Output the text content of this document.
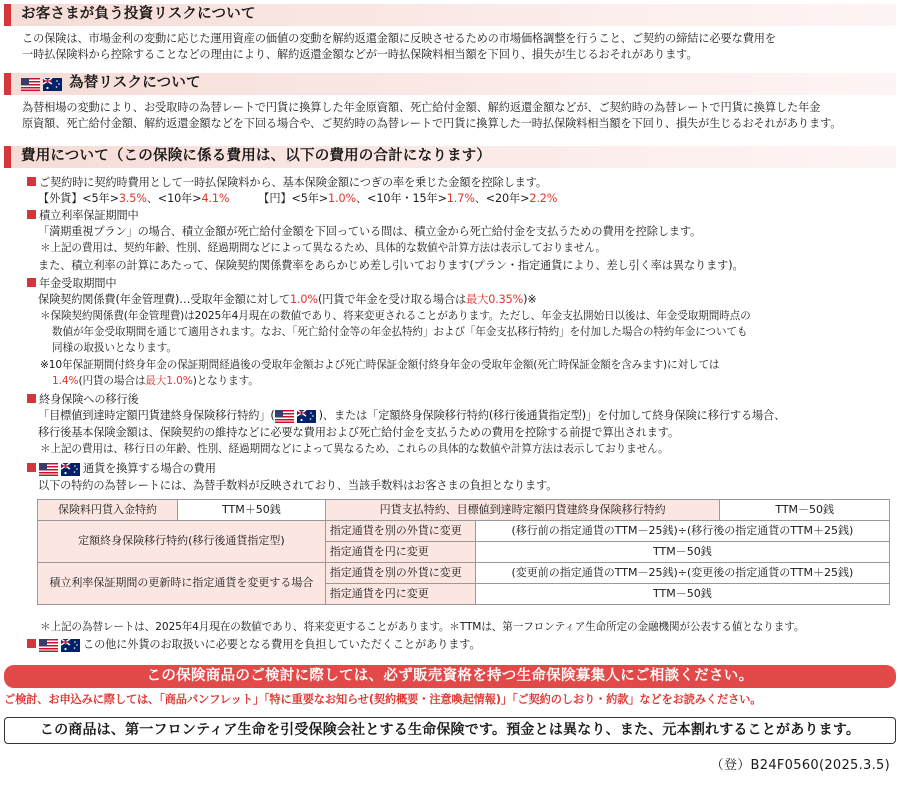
お客さまが負う投資リスクについて
この保険は、市場金利の変動に応じた運用資産の価値の変動を解約返還金額に反映させるための市場価格調整を行うこと、ご契約の締結に必要な費用を
一時払保険料から控除することなどの理由により、解約返還金額などが一時払保険料相当額を下回り、損失が生じるおそれがあります。
為替リスクについて
為替相場の変動により、お受取時の為替レートで円貨に換算した年金原資額、死亡給付金額、解約返還金額などが、ご契約時の為替レートで円貨に換算した年金
原資額、死亡給付金額、解約返還金額などを下回る場合や、ご契約時の為替レートで円貨に換算した一時払保険料相当額を下回り、損失が生じるおそれがあります。
費用について（この保険に係る費用は、以下の費用の合計になります）
ご契約時に契約時費用として一時払保険料から、基本保険金額につぎの率を乗じた金額を控除します。
【外貨】<5年>3.5%、<10年>4.1%	【円】<5年>1.0%、<10年・15年>1.7%、<20年>2.2%
積立利率保証期間中
「満期重視プラン」の場合、積立金額が死亡給付金額を下回っている間は、積立金から死亡給付金を支払うための費用を控除します。
＊上記の費用は、契約年齢、性別、経過期間などによって異なるため、具体的な数値や計算方法は表示しておりません。
また、積立利率の計算にあたって、保険契約関係費率をあらかじめ差し引いております(プラン・指定通貨により、差し引く率は異なります)。
年金受取期間中
保険契約関係費(年金管理費)…受取年金額に対して1.0%(円貨で年金を受け取る場合は最大0.35%)※
＊保険契約関係費(年金管理費)は2025年4月現在の数値であり、将来変更されることがあります。ただし、年金支払開始日以後は、年金受取期間時点の
数値が年金受取期間を通じて適用されます。なお、「死亡給付金等の年金払特約」および「年金支払移行特約」を付加した場合の特約年金についても
同様の取扱いとなります。
※10年保証期間付終身年金の保証期間経過後の受取年金額および死亡時保証金額付終身年金の受取年金額(死亡時保証金額を含みます)に対しては
1.4%(円貨の場合は最大1.0%)となります。
終身保険への移行後
「目標値到達時定額円貨建終身保険移行特約」(	)、または「定額終身保険移行特約(移行後通貨指定型)」を付加して終身保険に移行する場合、
移行後基本保険金額は、保険契約の維持などに必要な費用および死亡給付金を支払うための費用を控除する前提で算出されます。
＊上記の費用は、移行日の年齢、性別、経過期間などによって異なるため、これらの具体的な数値や計算方法は表示しておりません。
通貨を換算する場合の費用
以下の特約の為替レートには、為替手数料が反映されており、当該手数料はお客さまの負担となります。
保険料円貨入金特約	TTM＋50銭	円貨支払特約、目標値到達時定額円貨建終身保険移行特約		TTM－50銭
定額終身保険移行特約(移行後通貨指定型)		指定通貨を別の外貨に変更	(移行前の指定通貨のTTM－25銭)÷(移行後の指定通貨のTTM＋25銭)	
		指定通貨を円に変更	TTM－50銭	
積立利率保証期間の更新時に指定通貨を変更する場合		指定通貨を別の外貨に変更	(変更前の指定通貨のTTM－25銭)÷(変更後の指定通貨のTTM＋25銭)	
		指定通貨を円に変更	TTM－50銭	
＊上記の為替レートは、2025年4月現在の数値であり、将来変更することがあります。＊TTMは、第一フロンティア生命所定の金融機関が公表する値となります。
この他に外貨のお取扱いに必要となる費用を負担していただくことがあります。
この保険商品のご検討に際しては、必ず販売資格を持つ生命保険募集人にご相談ください。
ご検討、お申込みに際しては、「商品パンフレット」「特に重要なお知らせ(契約概要・注意喚起情報)」「ご契約のしおり・約款」などをお読みください。
この商品は、第一フロンティア生命を引受保険会社とする生命保険です。預金とは異なり、また、元本割れすることがあります。
（登）B24F0560(2025.3.5)
